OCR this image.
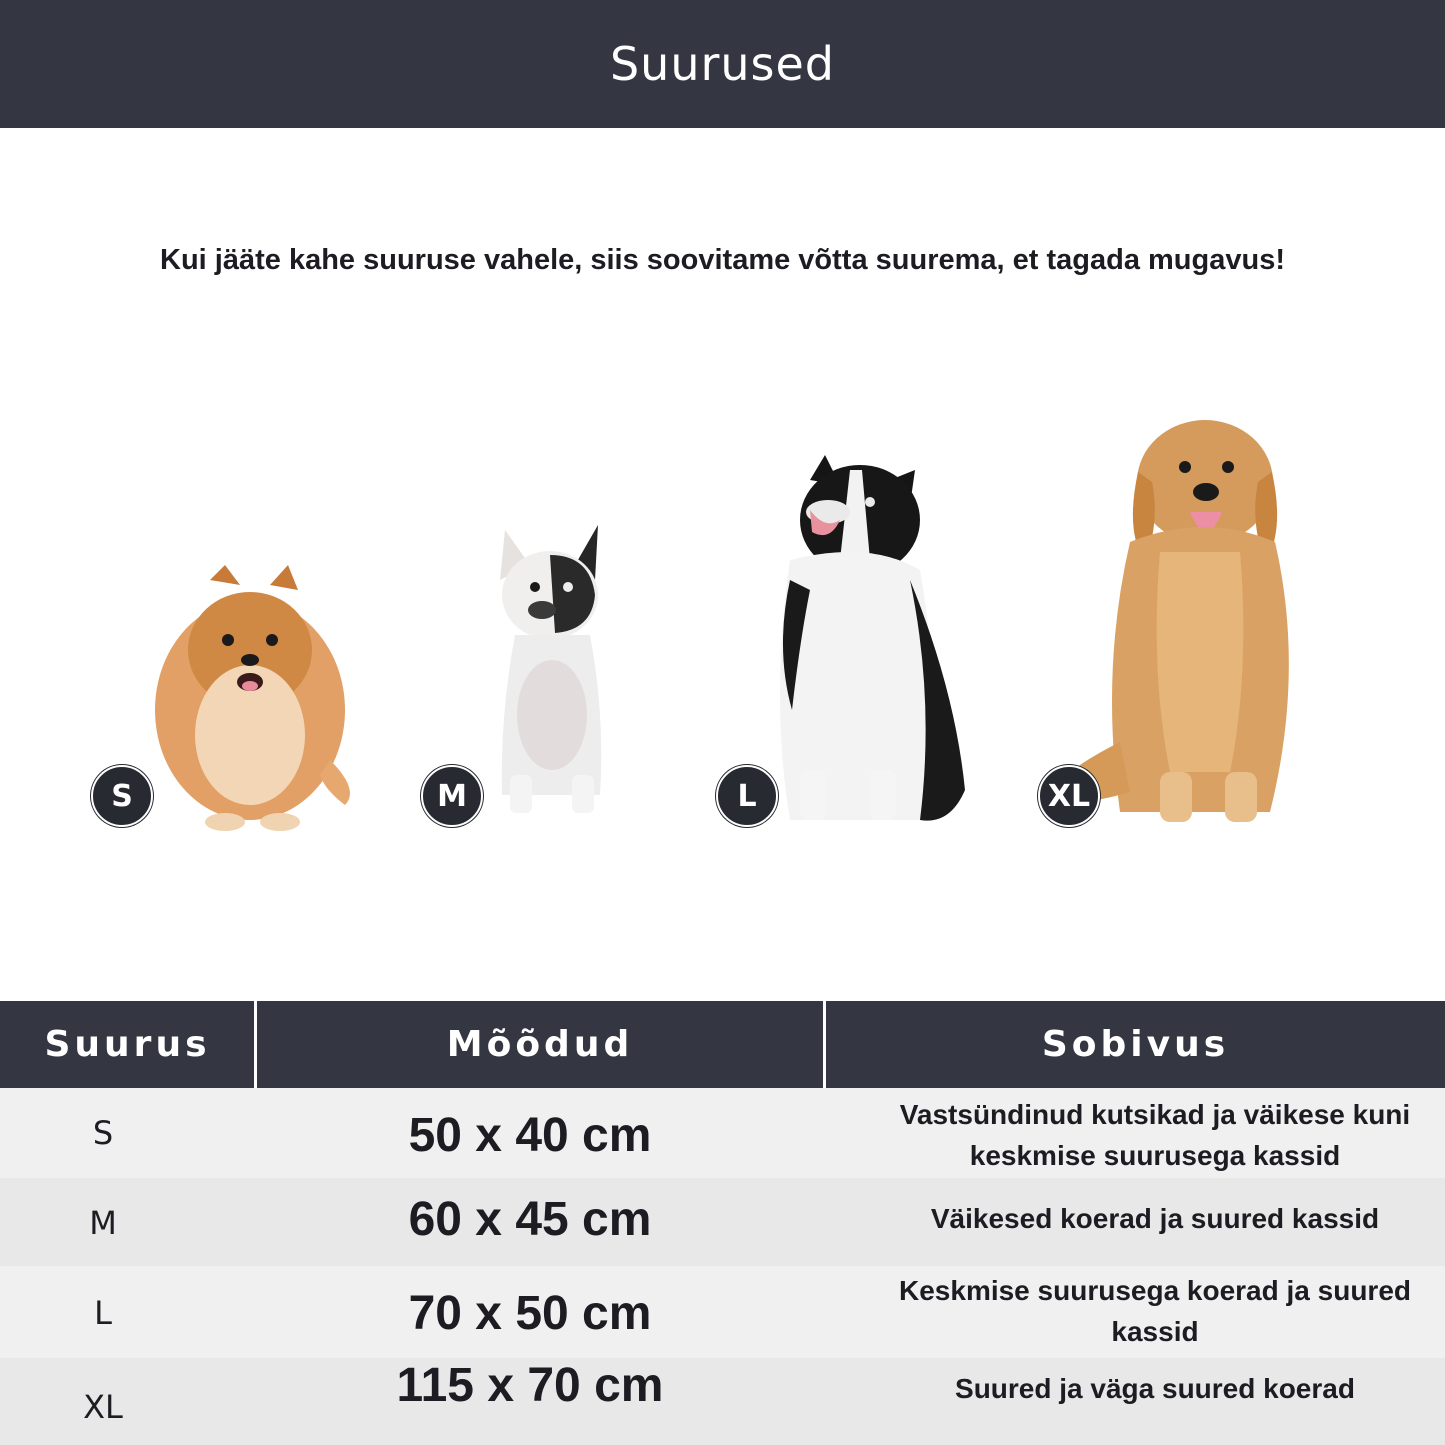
Suurused
Kui jääte kahe suuruse vahele, siis soovitame võtta suurema, et tagada mugavus!
S	M	L	XL
Suurus	Mõõdud	Sobivus
S	50 x 40 cm	Vastsündinud kutsikad ja väikese kuni keskmise suurusega kassid
M	60 x 45 cm	Väikesed koerad ja suured kassid
L	70 x 50 cm	Keskmise suurusega koerad ja suured kassid
XL	115 x 70 cm	Suured ja väga suured koerad
